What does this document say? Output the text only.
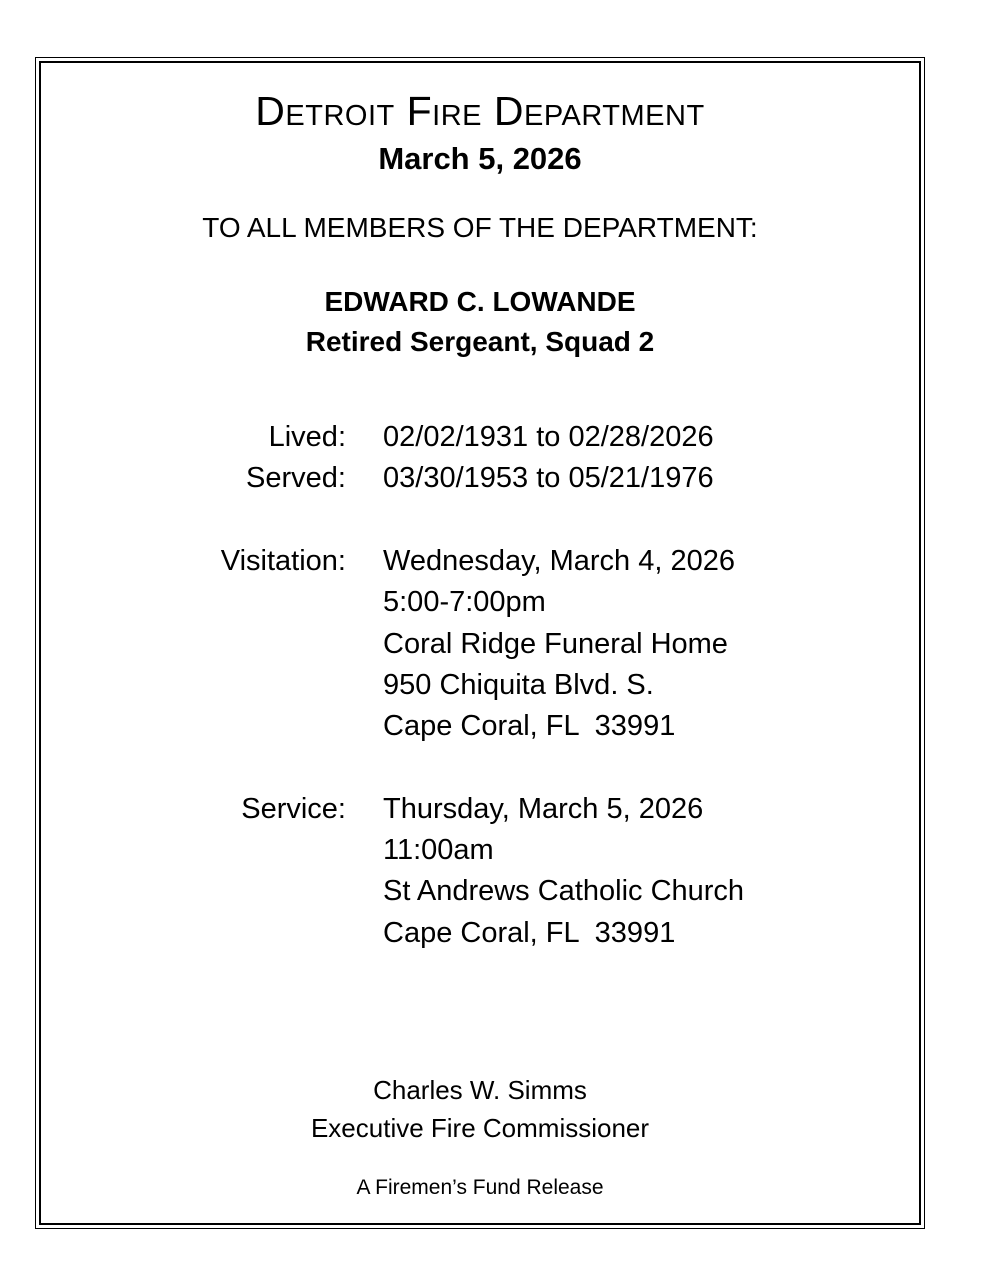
Detroit Fire Department
March 5, 2026
TO ALL MEMBERS OF THE DEPARTMENT:
EDWARD C. LOWANDE
Retired Sergeant, Squad 2
Lived:
Served:
02/02/1931 to 02/28/2026
03/30/1953 to 05/21/1976
Visitation: Wednesday, March 4, 2026
5:00-7:00pm
Coral Ridge Funeral Home
950 Chiquita Blvd. S.
Cape Coral, FL  33991
Service: Thursday, March 5, 2026
11:00am
St Andrews Catholic Church
Cape Coral, FL  33991
Charles W. Simms
Executive Fire Commissioner
A Firemen’s Fund Release
